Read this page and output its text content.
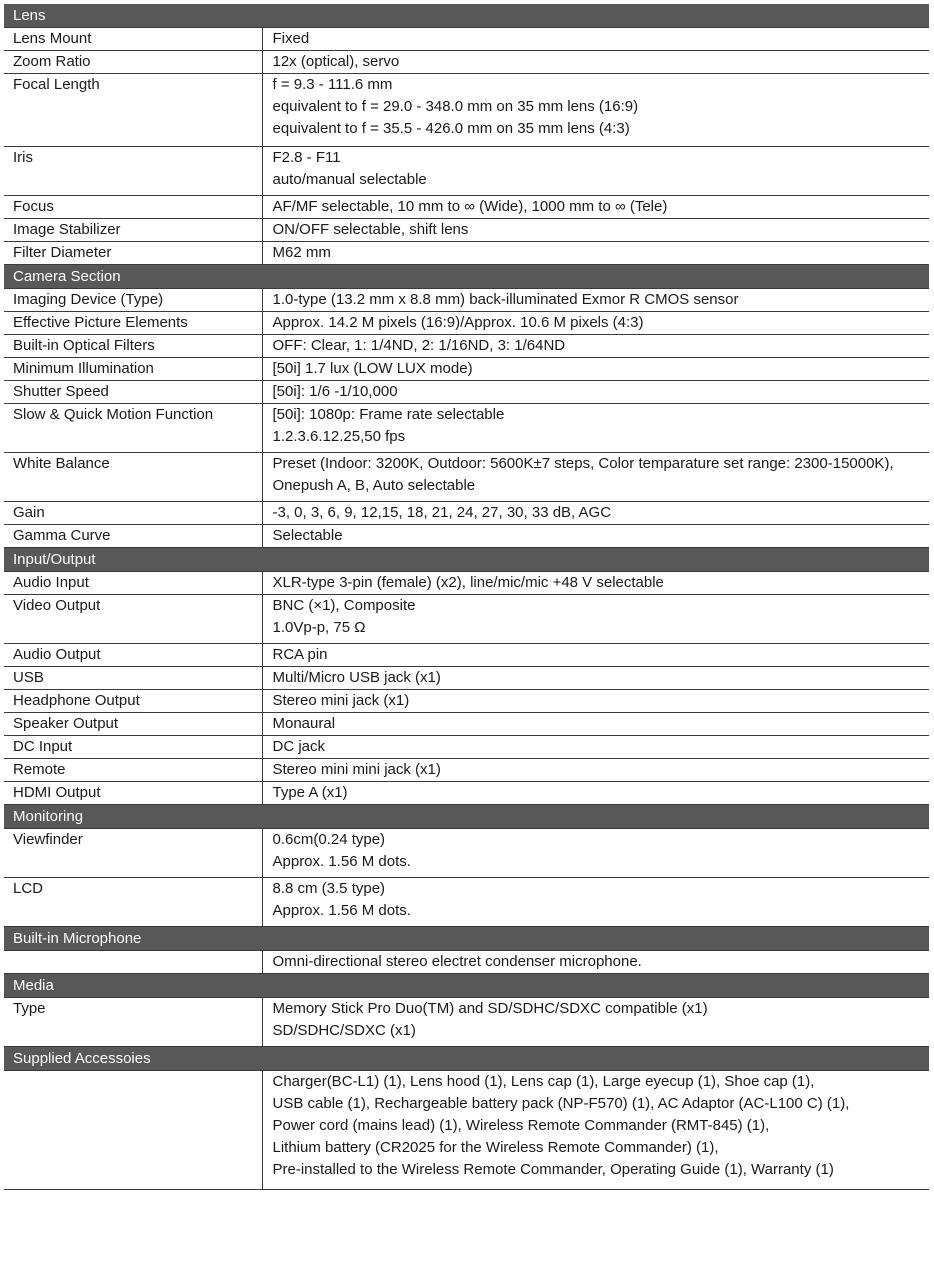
Lens	
Lens Mount	Fixed

Zoom Ratio	12x (optical), servo

Focal Length	f = 9.3 - 111.6 mm
equivalent to f = 29.0 - 348.0 mm on 35 mm lens (16:9)
equivalent to f = 35.5 - 426.0 mm on 35 mm lens (4:3)

Iris	F2.8 - F11
auto/manual selectable

Focus	AF/MF selectable, 10 mm to ∞ (Wide), 1000 mm to ∞ (Tele)

Image Stabilizer	ON/OFF selectable, shift lens

Filter Diameter	M62 mm

Camera Section	
Imaging Device (Type)	1.0-type (13.2 mm x 8.8 mm) back-illuminated Exmor R CMOS sensor

Effective Picture Elements	Approx. 14.2 M pixels (16:9)/Approx. 10.6 M pixels (4:3)

Built-in Optical Filters	OFF: Clear, 1: 1/4ND, 2: 1/16ND, 3: 1/64ND

Minimum Illumination	[50i] 1.7 lux (LOW LUX mode)

Shutter Speed	[50i]: 1/6 -1/10,000

Slow & Quick Motion Function	[50i]: 1080p: Frame rate selectable
1.2.3.6.12.25,50 fps

White Balance	Preset (Indoor: 3200K, Outdoor: 5600K±7 steps, Color temparature set range: 2300-15000K),
Onepush A, B, Auto selectable

Gain	-3, 0, 3, 6, 9, 12,15, 18, 21, 24, 27, 30, 33 dB, AGC

Gamma Curve	Selectable

Input/Output	
Audio Input	XLR-type 3-pin (female) (x2), line/mic/mic +48 V selectable

Video Output	BNC (×1), Composite
1.0Vp-p, 75 Ω

Audio Output	RCA pin

USB	Multi/Micro USB jack (x1)

Headphone Output	Stereo mini jack (x1)

Speaker Output	Monaural

DC Input	DC jack

Remote	Stereo mini mini jack (x1)

HDMI Output	Type A (x1)

Monitoring	
Viewfinder	0.6cm(0.24 type)
Approx. 1.56 M dots.

LCD	8.8 cm (3.5 type)
Approx. 1.56 M dots.

Built-in Microphone	

	Omni-directional stereo electret condenser microphone.

Media	
Type	Memory Stick Pro Duo(TM) and SD/SDHC/SDXC compatible (x1)
SD/SDHC/SDXC (x1)

Supplied Accessoies	

	Charger(BC-L1) (1), Lens hood (1), Lens cap (1), Large eyecup (1), Shoe cap (1),
USB cable (1), Rechargeable battery pack (NP-F570) (1), AC Adaptor (AC-L100 C) (1),
Power cord (mains lead) (1), Wireless Remote Commander (RMT-845) (1),
Lithium battery (CR2025 for the Wireless Remote Commander) (1),
Pre-installed to the Wireless Remote Commander, Operating Guide (1), Warranty (1)
